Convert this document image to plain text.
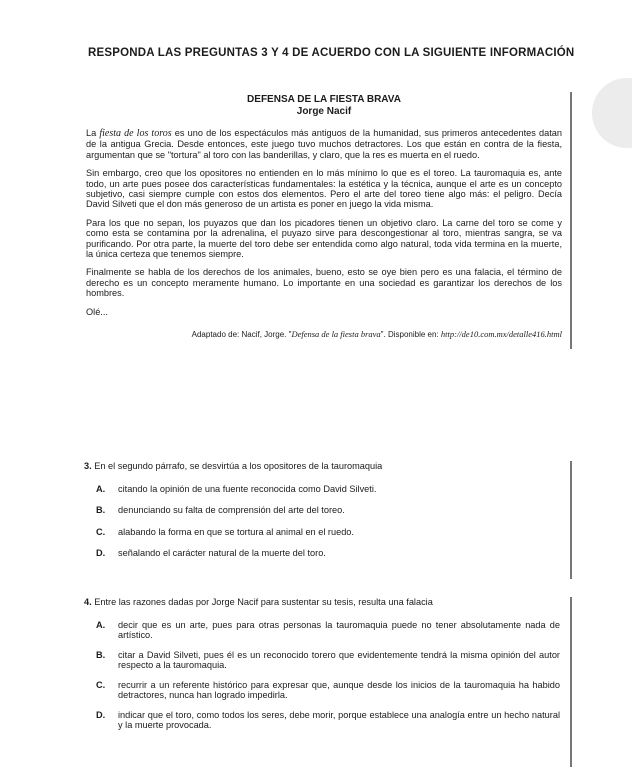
RESPONDA LAS PREGUNTAS 3 Y 4 DE ACUERDO CON LA SIGUIENTE INFORMACIÓN
DEFENSA DE LA FIESTA BRAVA
Jorge Nacif

La fiesta de los toros es uno de los espectáculos más antiguos de la humanidad, sus primeros antecedentes datan de la antigua Grecia. Desde entonces, este juego tuvo muchos detractores. Los que están en contra de la fiesta, argumentan que se "tortura" al toro con las banderillas, y claro, que la res es muerta en el ruedo.

Sin embargo, creo que los opositores no entienden en lo más mínimo lo que es el toreo. La tauromaquia es, ante todo, un arte pues posee dos características fundamentales: la estética y la técnica, aunque el arte es un concepto subjetivo, casi siempre cumple con estos dos elementos. Pero el arte del toreo tiene algo más: el peligro. Decía David Silveti que el don más generoso de un artista es poner en juego la vida misma.

Para los que no sepan, los puyazos que dan los picadores tienen un objetivo claro. La carne del toro se come y como esta se contamina por la adrenalina, el puyazo sirve para descongestionar al toro, mientras sangra, se va purificando. Por otra parte, la muerte del toro debe ser entendida como algo natural, toda vida termina en la muerte, la única certeza que tenemos siempre.

Finalmente se habla de los derechos de los animales, bueno, esto se oye bien pero es una falacia, el término de derecho es un concepto meramente humano. Lo importante en una sociedad es garantizar los derechos de los hombres.

Olé...

Adaptado de: Nacif, Jorge. "Defensa de la fiesta brava". Disponible en: http://de10.com.mx/detalle416.html

3. En el segundo párrafo, se desvirtúa a los opositores de la tauromaquia
A.	citando la opinión de una fuente reconocida como David Silveti.
B.	denunciando su falta de comprensión del arte del toreo.
C.	alabando la forma en que se tortura al animal en el ruedo.
D.	señalando el carácter natural de la muerte del toro.
4. Entre las razones dadas por Jorge Nacif para sustentar su tesis, resulta una falacia
A.	decir que es un arte, pues para otras personas la tauromaquia puede no tener absolutamente nada de artístico.
B.	citar a David Silveti, pues él es un reconocido torero que evidentemente tendrá la misma opinión del autor respecto a la tauromaquia.
C.	recurrir a un referente histórico para expresar que, aunque desde los inicios de la tauromaquia ha habido detractores, nunca han logrado impedirla.
D.	indicar que el toro, como todos los seres, debe morir, porque establece una analogía entre un hecho natural y la muerte provocada.
